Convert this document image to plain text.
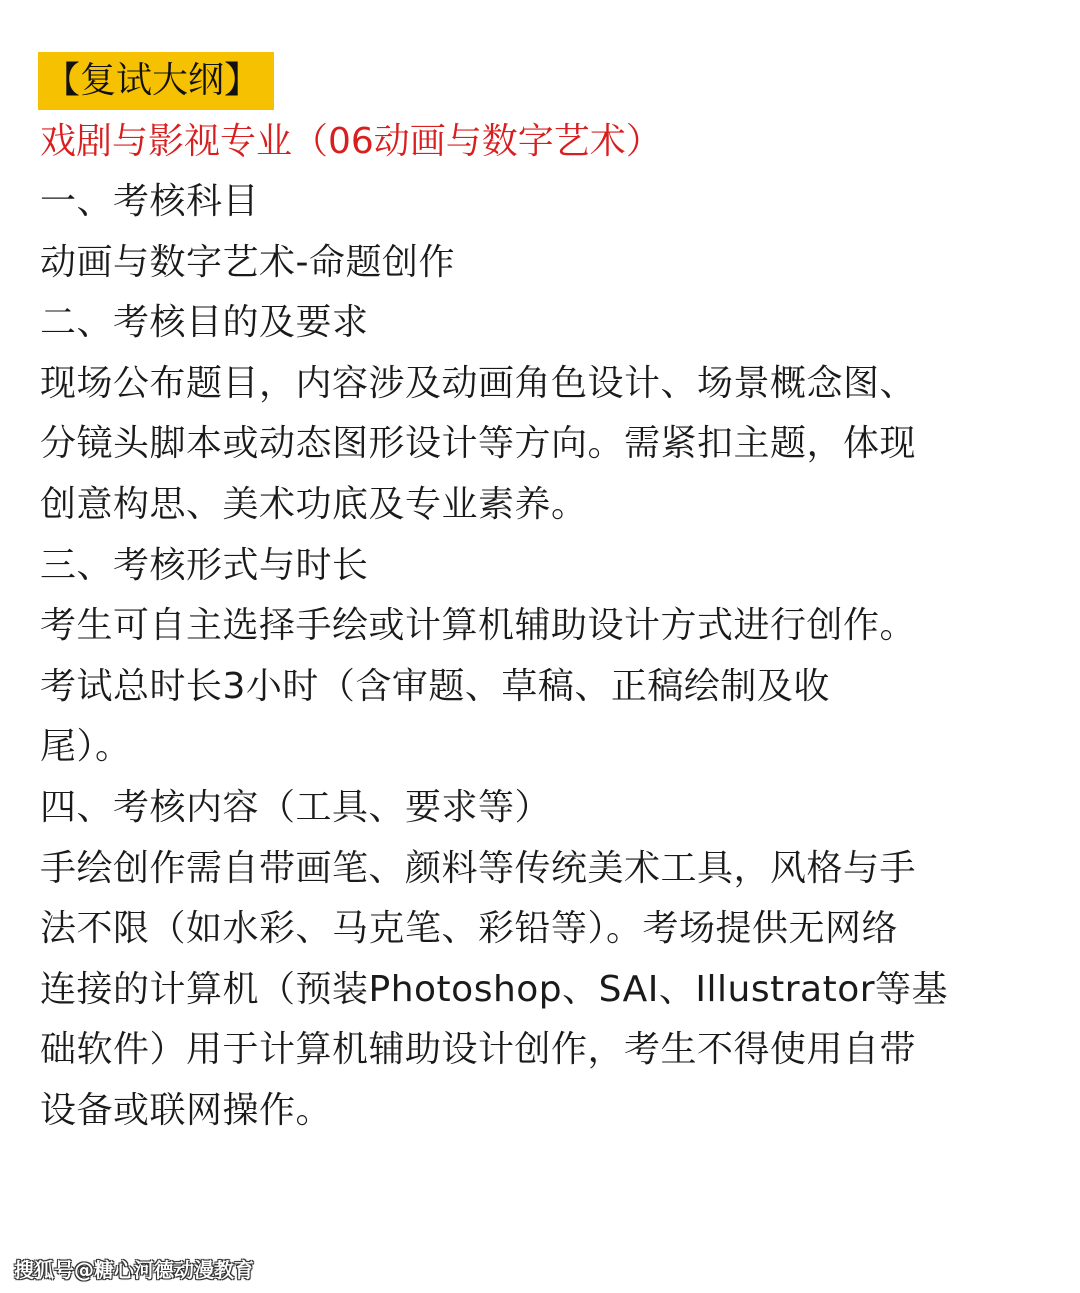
【复试大纲】
戏剧与影视专业（06动画与数字艺术）
一、考核科目
动画与数字艺术-命题创作
二、考核目的及要求
现场公布题目，内容涉及动画角色设计、场景概念图、
分镜头脚本或动态图形设计等方向。需紧扣主题，体现
创意构思、美术功底及专业素养。
三、考核形式与时长
考生可自主选择手绘或计算机辅助设计方式进行创作。
考试总时长3小时（含审题、草稿、正稿绘制及收
尾）。
四、考核内容（工具、要求等）
手绘创作需自带画笔、颜料等传统美术工具，风格与手
法不限（如水彩、马克笔、彩铅等）。考场提供无网络
连接的计算机（预装Photoshop、SAI、Illustrator等基
础软件）用于计算机辅助设计创作，考生不得使用自带
设备或联网操作。
搜狐号@糖心河德动漫教育
